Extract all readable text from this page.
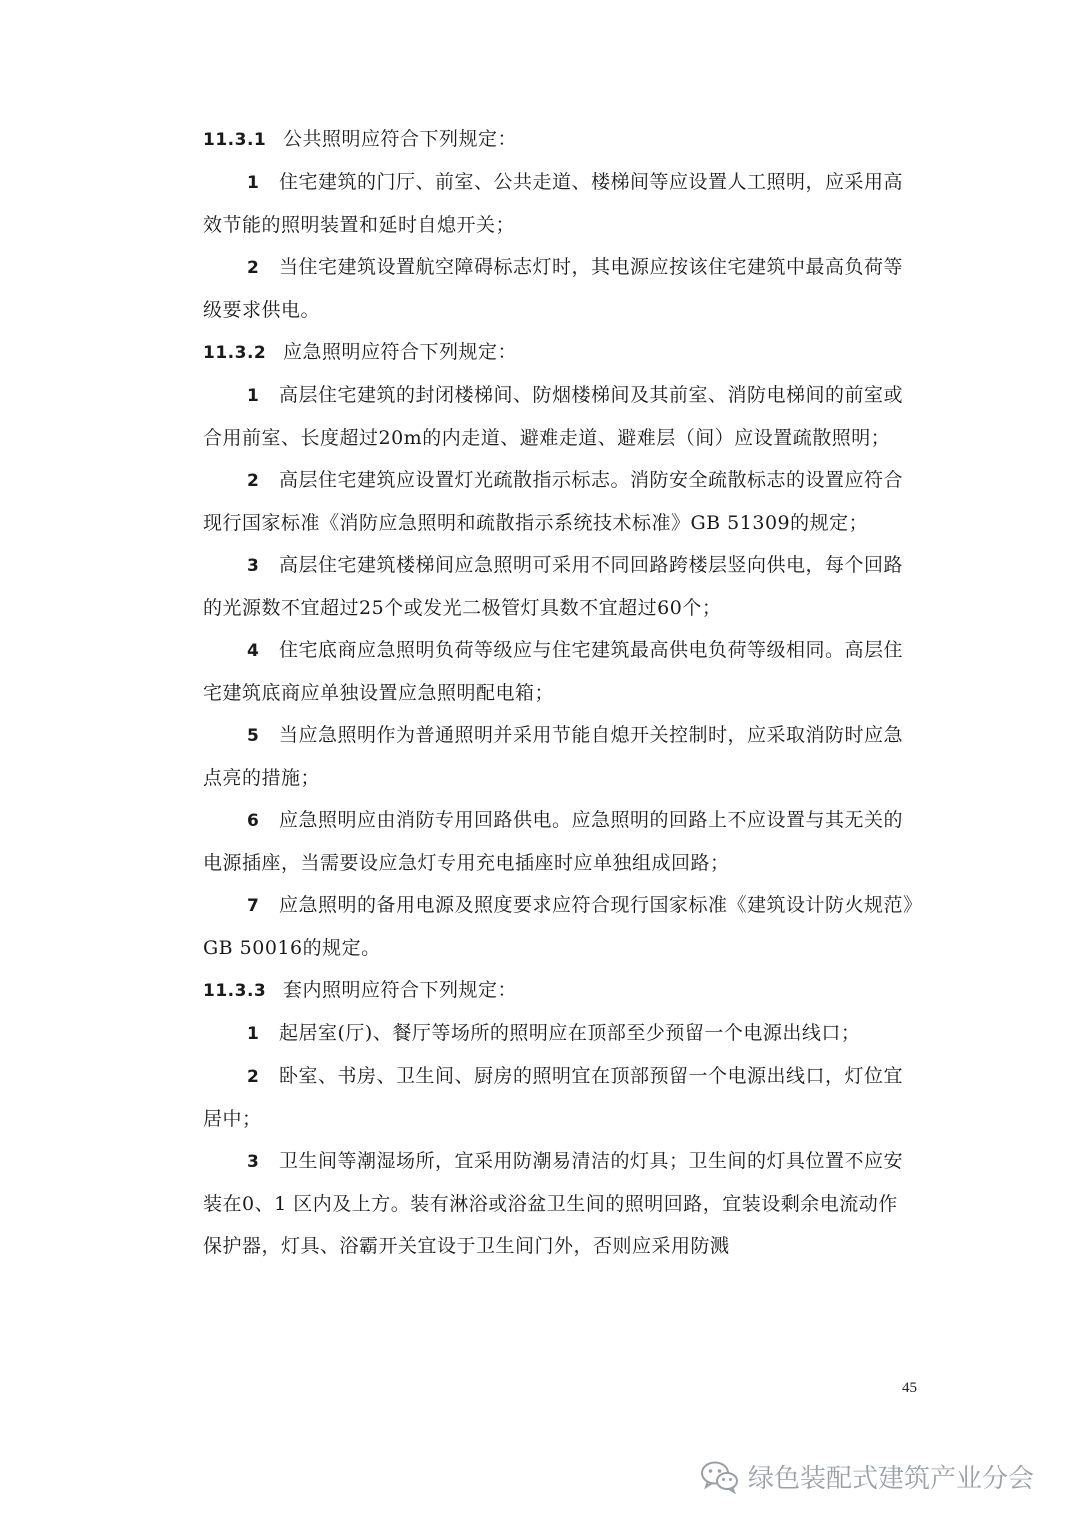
11.3.1 公共照明应符合下列规定：

1 住宅建筑的门厅、前室、公共走道、楼梯间等应设置人工照明，应采用高效节能的照明装置和延时自熄开关；

2 当住宅建筑设置航空障碍标志灯时，其电源应按该住宅建筑中最高负荷等级要求供电。

11.3.2 应急照明应符合下列规定：

1 高层住宅建筑的封闭楼梯间、防烟楼梯间及其前室、消防电梯间的前室或合用前室、长度超过20m的内走道、避难走道、避难层（间）应设置疏散照明；

2 高层住宅建筑应设置灯光疏散指示标志。消防安全疏散标志的设置应符合现行国家标准《消防应急照明和疏散指示系统技术标准》GB 51309的规定；

3 高层住宅建筑楼梯间应急照明可采用不同回路跨楼层竖向供电，每个回路的光源数不宜超过25个或发光二极管灯具数不宜超过60个；

4 住宅底商应急照明负荷等级应与住宅建筑最高供电负荷等级相同。高层住宅建筑底商应单独设置应急照明配电箱；

5 当应急照明作为普通照明并采用节能自熄开关控制时，应采取消防时应急点亮的措施；

6 应急照明应由消防专用回路供电。应急照明的回路上不应设置与其无关的电源插座，当需要设应急灯专用充电插座时应单独组成回路；

7 应急照明的备用电源及照度要求应符合现行国家标准《建筑设计防火规范》GB 50016的规定。

11.3.3 套内照明应符合下列规定：

1 起居室(厅)、餐厅等场所的照明应在顶部至少预留一个电源出线口；

2 卧室、书房、卫生间、厨房的照明宜在顶部预留一个电源出线口，灯位宜居中；

3 卫生间等潮湿场所，宜采用防潮易清洁的灯具；卫生间的灯具位置不应安装在0、1 区内及上方。装有淋浴或浴盆卫生间的照明回路，宜装设剩余电流动作保护器，灯具、浴霸开关宜设于卫生间门外，否则应采用防溅

45
绿色装配式建筑产业分会
